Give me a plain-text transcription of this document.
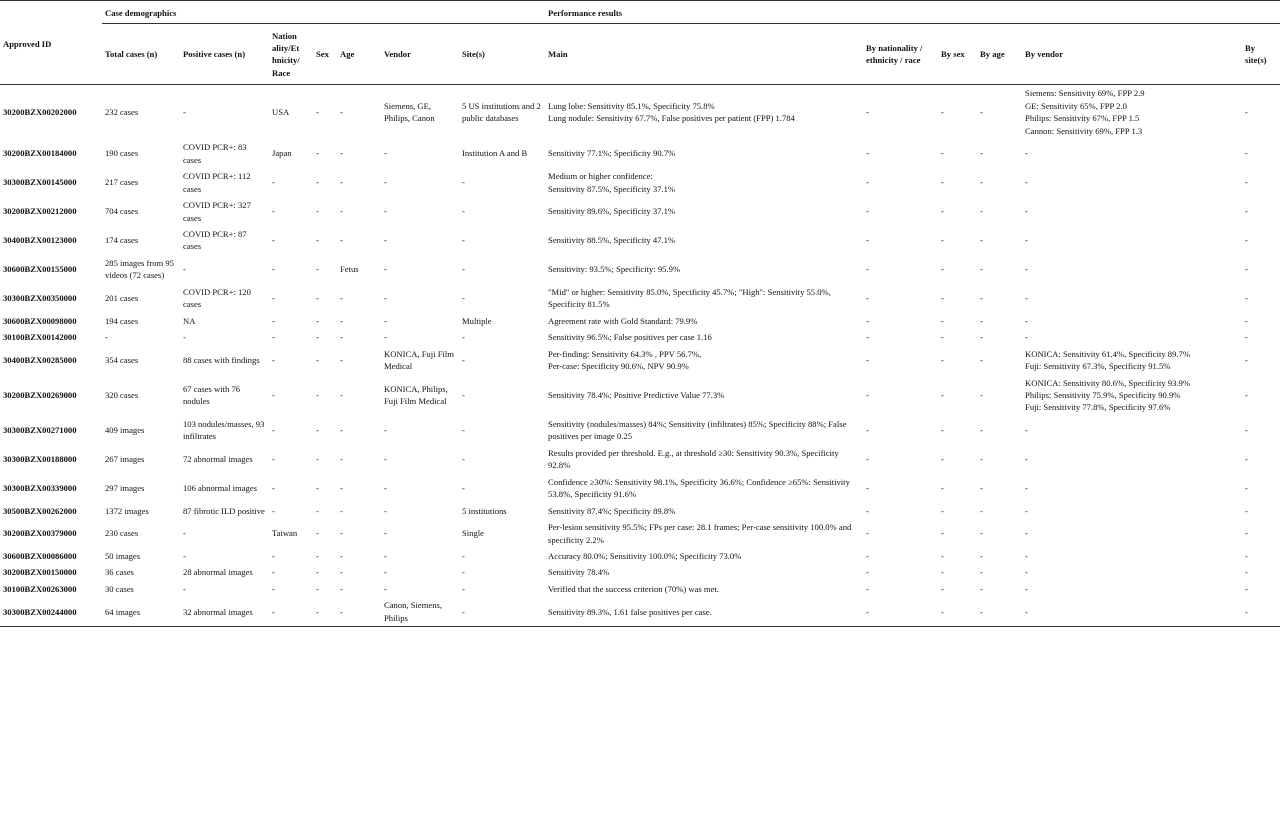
Approved ID	Case demographics							Performance results					
	Total cases (n)	Positive cases (n)	Nation ality/Et hnicity/ Race	Sex	Age	Vendor	Site(s)	Main	By nationality / ethnicity / race	By sex	By age	By vendor	By site(s)
30200BZX00202000	232 cases	-	USA	-	-	Siemens, GE, Philips, Canon	5 US institutions and 2 public databases	Lung lobe: Sensitivity 85.1%, Specificity 75.8%
Lung nodule: Sensitivity 67.7%, False positives per patient (FPP) 1.784	-	-	-	Siemens: Sensitivity 69%, FPP 2.9
GE: Sensitivity 65%, FPP 2.0
Philips: Sensitivity 67%, FPP 1.5
Cannon: Sensitivity 69%, FPP 1.3	-
30200BZX00184000	190 cases	COVID PCR+: 83 cases	Japan	-	-	-	Institution A and B	Sensitivity 77.1%; Specificity 90.7%	-	-	-	-	-
30300BZX00145000	217 cases	COVID PCR+: 112 cases	-	-	-	-	-	Medium or higher confidence:
Sensitivity 87.5%, Specificity 37.1%	-	-	-	-	-
30200BZX00212000	704 cases	COVID PCR+: 327 cases	-	-	-	-	-	Sensitivity 89.6%, Specificity 37.1%	-	-	-	-	-
30400BZX00123000	174 cases	COVID PCR+: 87 cases	-	-	-	-	-	Sensitivity 88.5%, Specificity 47.1%	-	-	-	-	-
30600BZX00155000	285 images from 95 videos (72 cases)	-	-	-	Fetus	-	-	Sensitivity: 93.5%; Specificity: 95.9%	-	-	-	-	-
30300BZX00350000	201 cases	COVID PCR+: 120 cases	-	-	-	-	-	"Mid" or higher: Sensitivity 85.0%, Specificity 45.7%; "High": Sensitivity 55.0%, Specificity 81.5%	-	-	-	-	-
30600BZX00098000	194 cases	NA	-	-	-	-	Multiple	Agreement rate with Gold Standard: 79.9%	-	-	-	-	-
30100BZX00142000	-	-	-	-	-	-	-	Sensitivity 96.5%; False positives per case 1.16	-	-	-	-	-
30400BZX00285000	354 cases	88 cases with findings	-	-	-	KONICA, Fuji Film Medical	-	Per-finding: Sensitivity 64.3% , PPV 56.7%,
Per-case: Specificity 90.6%, NPV 90.9%	-	-	-	KONICA: Sensitivity 61.4%, Specificity 89.7%
Fuji: Sensitivity 67.3%, Specificity 91.5%	-
30200BZX00269000	320 cases	67 cases with 76 nodules	-	-	-	KONICA, Philips, Fuji Film Medical	-	Sensitivity 78.4%; Positive Predictive Value 77.3%	-	-	-	KONICA: Sensitivity 80.6%, Specificity 93.9%
Philips: Sensitivity 75.9%, Specificity 90.9%
Fuji: Sensitivity 77.8%, Specificity 97.6%	-
30300BZX00271000	409 images	103 nodules/masses, 93 infiltrates	-	-	-	-	-	Sensitivity (nodules/masses) 84%; Sensitivity (infiltrates) 85%; Specificity 88%; False positives per image 0.25	-	-	-	-	-
30300BZX00188000	267 images	72 abnormal images	-	-	-	-	-	Results provided per threshold. E.g., at threshold ≥30: Sensitivity 90.3%, Specificity 92.8%	-	-	-	-	-
30300BZX00339000	297 images	106 abnormal images	-	-	-	-	-	Confidence ≥30%: Sensitivity 98.1%, Specificity 36.6%; Confidence ≥65%: Sensitivity 53.8%, Specificity 91.6%	-	-	-	-	-
30500BZX00262000	1372 images	87 fibrotic ILD positive	-	-	-	-	5 institutions	Sensitivity 87.4%; Specificity 89.8%	-	-	-	-	-
30200BZX00379000	230 cases	-	Taiwan	-	-	-	Single	Per-lesion sensitivity 95.5%; FPs per case: 28.1 frames; Per-case sensitivity 100.0% and specificity 2.2%	-	-	-	-	-
30600BZX00086000	50 images	-	-	-	-	-	-	Accuracy 80.0%; Sensitivity 100.0%; Specificity 73.0%	-	-	-	-	-
30200BZX00150000	36 cases	28 abnormal images	-	-	-	-	-	Sensitivity 78.4%	-	-	-	-	-
30100BZX00263000	30 cases	-	-	-	-	-	-	Verified that the success criterion (70%) was met.	-	-	-	-	-
30300BZX00244000	64 images	32 abnormal images	-	-	-	Canon, Siemens, Philips	-	Sensitivity 89.3%, 1.61 false positives per case.	-	-	-	-	-
